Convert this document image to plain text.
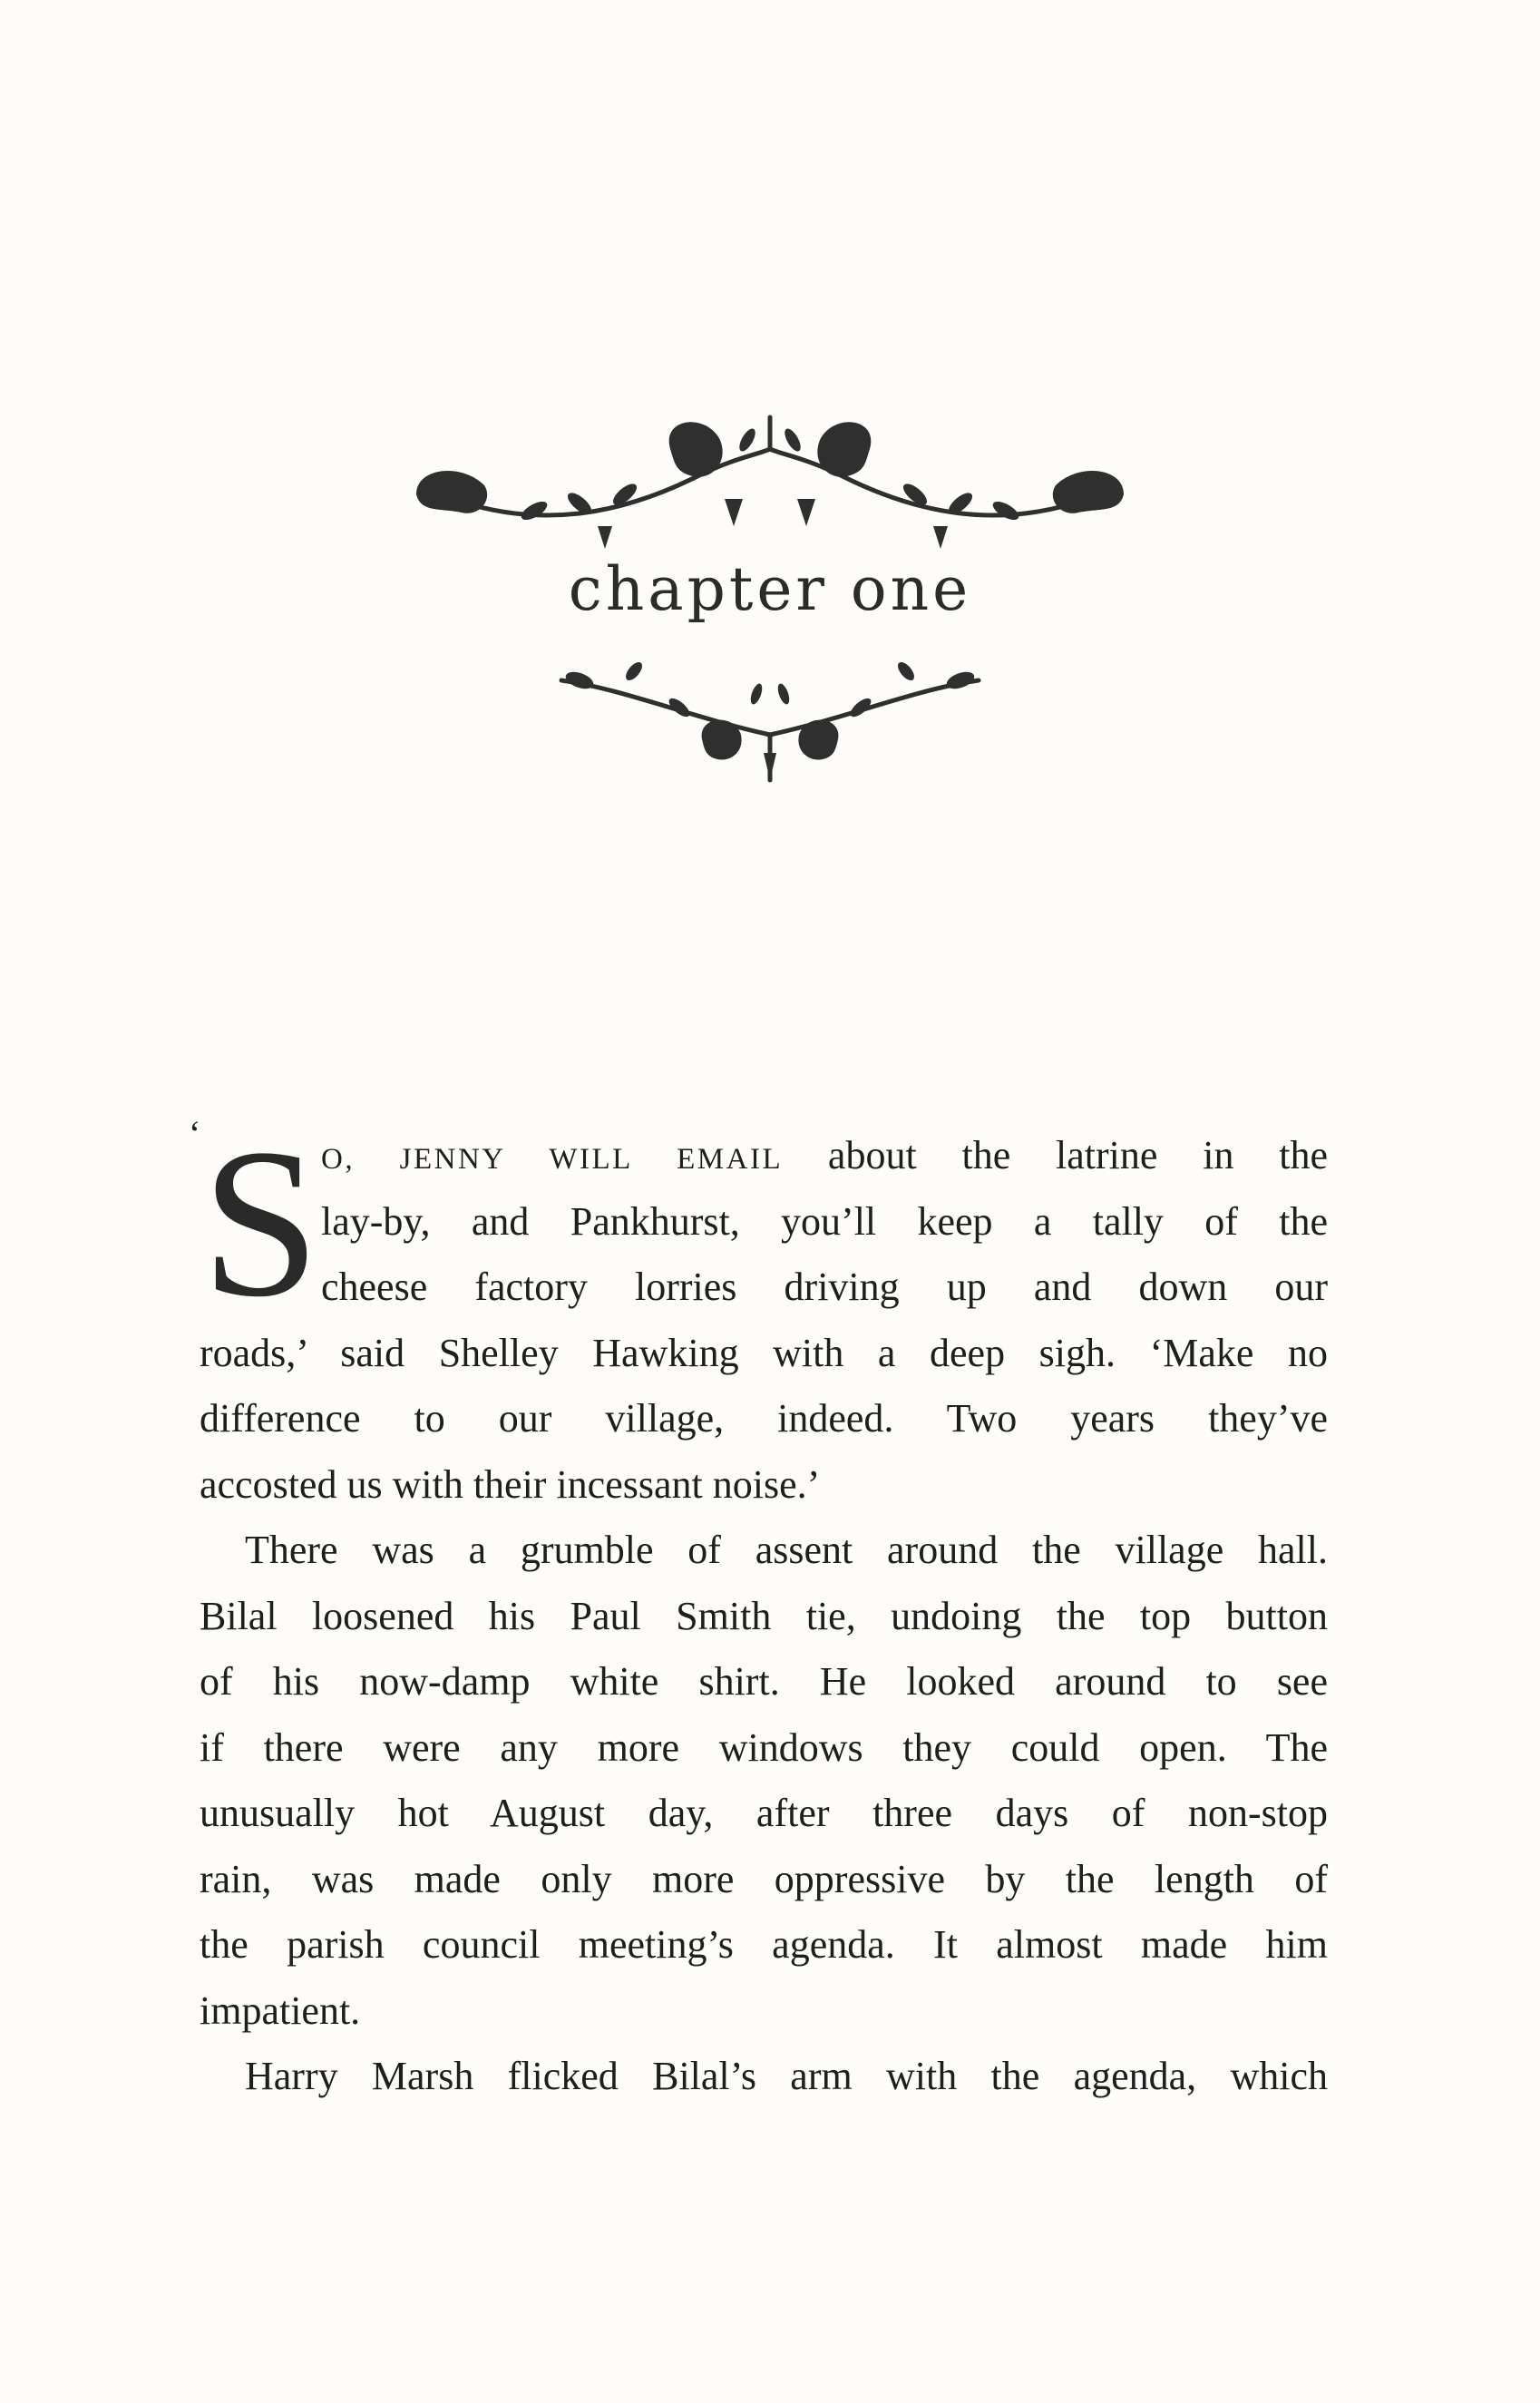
chapter one
‘ S O, JENNY WILL EMAIL about the latrine in the
lay-by, and Pankhurst, you’ll keep a tally of the
cheese factory lorries driving up and down our
roads,’ said Shelley Hawking with a deep sigh. ‘Make no
difference to our village, indeed. Two years they’ve
accosted us with their incessant noise.’
There was a grumble of assent around the village hall.
Bilal loosened his Paul Smith tie, undoing the top button
of his now-damp white shirt. He looked around to see
if there were any more windows they could open. The
unusually hot August day, after three days of non-stop
rain, was made only more oppressive by the length of
the parish council meeting’s agenda. It almost made him
impatient.
Harry Marsh flicked Bilal’s arm with the agenda, which
